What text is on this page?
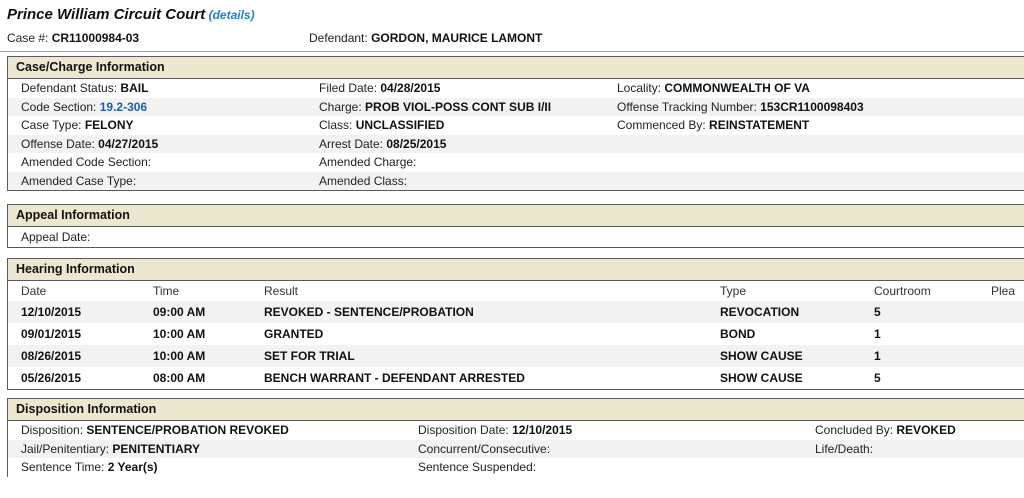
Prince William Circuit Court (details)
Case #: CR11000984-03	Defendant: GORDON, MAURICE LAMONT
Case/Charge Information
Defendant Status: BAIL	Filed Date: 04/28/2015	Locality: COMMONWEALTH OF VA
Code Section: 19.2-306	Charge: PROB VIOL-POSS CONT SUB I/II	Offense Tracking Number: 153CR1100098403
Case Type: FELONY	Class: UNCLASSIFIED	Commenced By: REINSTATEMENT
Offense Date: 04/27/2015	Arrest Date: 08/25/2015
Amended Code Section:	Amended Charge:
Amended Case Type:	Amended Class:
Appeal Information
Appeal Date:
Hearing Information
Date	Time	Result	Type	Courtroom	Plea
12/10/2015	09:00 AM	REVOKED - SENTENCE/PROBATION	REVOCATION	5
09/01/2015	10:00 AM	GRANTED	BOND	1
08/26/2015	10:00 AM	SET FOR TRIAL	SHOW CAUSE	1
05/26/2015	08:00 AM	BENCH WARRANT - DEFENDANT ARRESTED	SHOW CAUSE	5
Disposition Information
Disposition: SENTENCE/PROBATION REVOKED	Disposition Date: 12/10/2015	Concluded By: REVOKED
Jail/Penitentiary: PENITENTIARY	Concurrent/Consecutive:	Life/Death:
Sentence Time: 2 Year(s)	Sentence Suspended:
